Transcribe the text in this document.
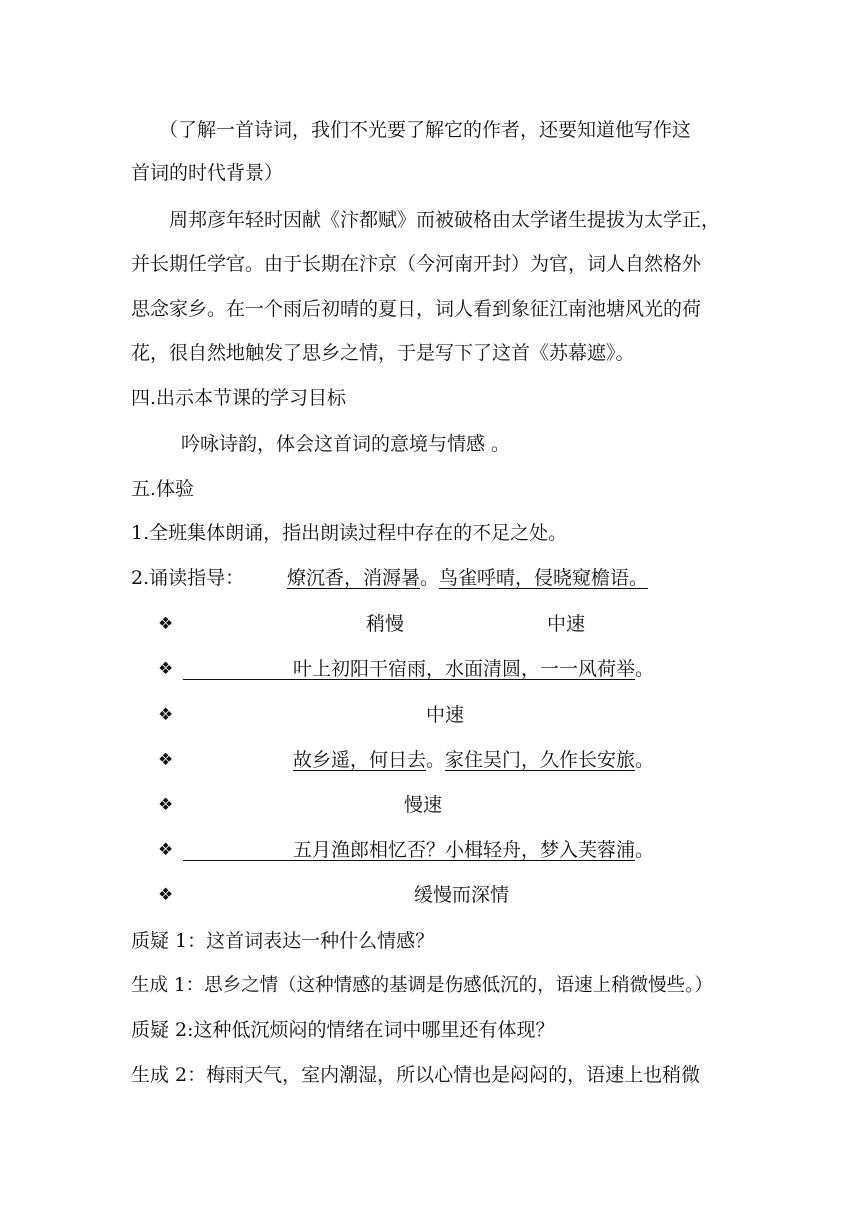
（了解一首诗词，我们不光要了解它的作者，还要知道他写作这
首词的时代背景）
周邦彦年轻时因献《汴都赋》而被破格由太学诸生提拔为太学正，
并长期任学官。由于长期在汴京（今河南开封）为官，词人自然格外
思念家乡。在一个雨后初晴的夏日，词人看到象征江南池塘风光的荷
花，很自然地触发了思乡之情，于是写下了这首《苏幕遮》。
四.出示本节课的学习目标
吟咏诗韵，体会这首词的意境与情感 。
五.体验
1.全班集体朗诵，指出朗读过程中存在的不足之处。
2.诵读指导： 燎沉香，消溽暑。鸟雀呼晴，侵晓窥檐语。
❖	稍慢	中速
❖	叶上初阳干宿雨，水面清圆，一一风荷举。
❖	中速
❖	故乡遥，何日去。家住吴门，久作长安旅。
❖	慢速
❖	五月渔郎相忆否？小楫轻舟，梦入芙蓉浦。
❖	缓慢而深情
质疑 1：这首词表达一种什么情感？
生成 1：思乡之情（这种情感的基调是伤感低沉的，语速上稍微慢些。）
质疑 2:这种低沉烦闷的情绪在词中哪里还有体现？
生成 2：梅雨天气，室内潮湿，所以心情也是闷闷的，语速上也稍微
